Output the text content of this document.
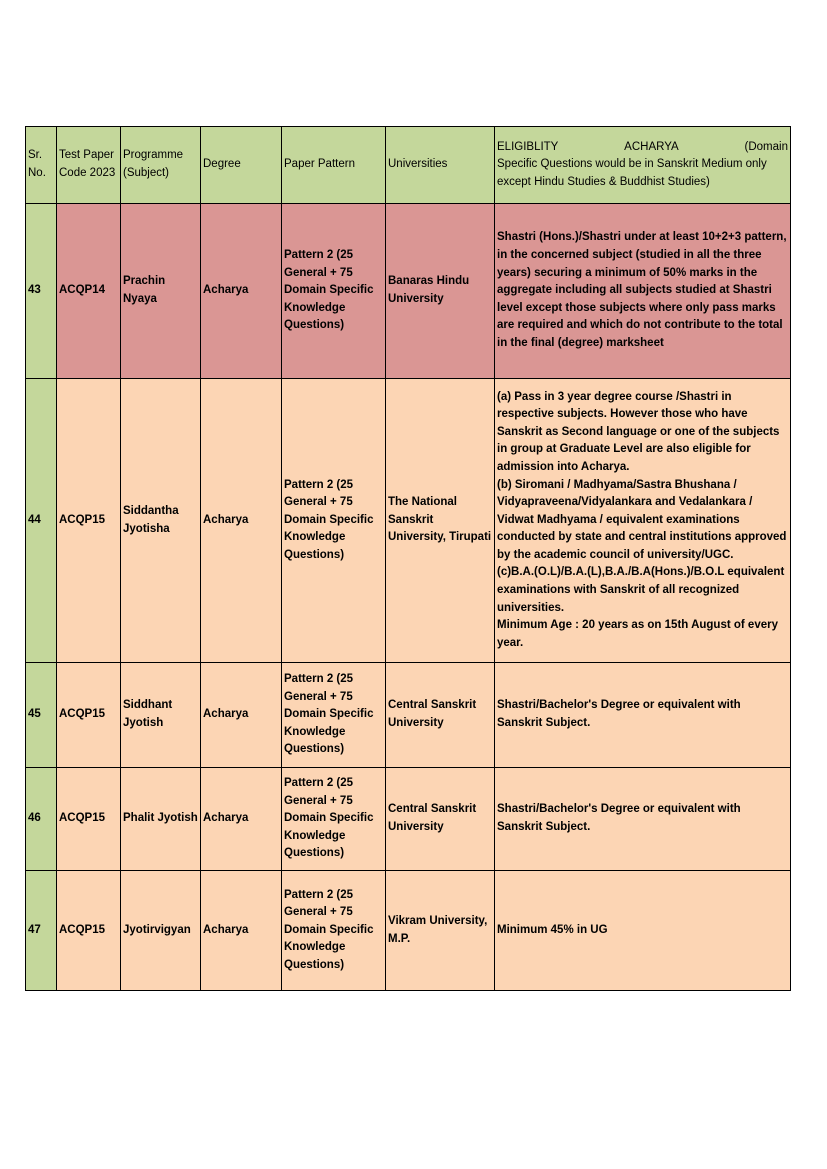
Sr. No.	Test Paper Code 2023	Programme (Subject)	Degree	Paper Pattern	Universities	ELIGIBLITY ACHARYA (Domain
Specific Questions would be in Sanskrit Medium only except Hindu Studies & Buddhist Studies)

43	ACQP14	Prachin Nyaya	Acharya	Pattern 2 (25 General + 75 Domain Specific Knowledge Questions)	Banaras Hindu University	Shastri (Hons.)/Shastri under at least 10+2+3 pattern, in the concerned subject (studied in all the three years) securing a minimum of 50% marks in the aggregate including all subjects studied at Shastri level except those subjects where only pass marks are required and which do not contribute to the total in the final (degree) marksheet
44	ACQP15	Siddantha Jyotisha	Acharya	Pattern 2 (25 General + 75 Domain Specific Knowledge Questions)	The National Sanskrit University, Tirupati	(a) Pass in 3 year degree course /Shastri in respective subjects. However those who have Sanskrit as Second language or one of the subjects in group at Graduate Level are also eligible for admission into Acharya.
(b) Siromani / Madhyama/Sastra Bhushana / Vidyapraveena/Vidyalankara and Vedalankara / Vidwat Madhyama / equivalent examinations conducted by state and central institutions approved by the academic council of university/UGC.
(c)B.A.(O.L)/B.A.(L),B.A./B.A(Hons.)/B.O.L equivalent examinations with Sanskrit of all recognized universities.
Minimum Age : 20 years as on 15th August of every year.
45	ACQP15	Siddhant Jyotish	Acharya	Pattern 2 (25 General + 75 Domain Specific Knowledge Questions)	Central Sanskrit University	Shastri/Bachelor's Degree or equivalent with Sanskrit Subject.
46	ACQP15	Phalit Jyotish	Acharya	Pattern 2 (25 General + 75 Domain Specific Knowledge Questions)	Central Sanskrit University	Shastri/Bachelor's Degree or equivalent with Sanskrit Subject.
47	ACQP15	Jyotirvigyan	Acharya	Pattern 2 (25 General + 75 Domain Specific Knowledge Questions)	Vikram University, M.P.	Minimum 45% in UG
